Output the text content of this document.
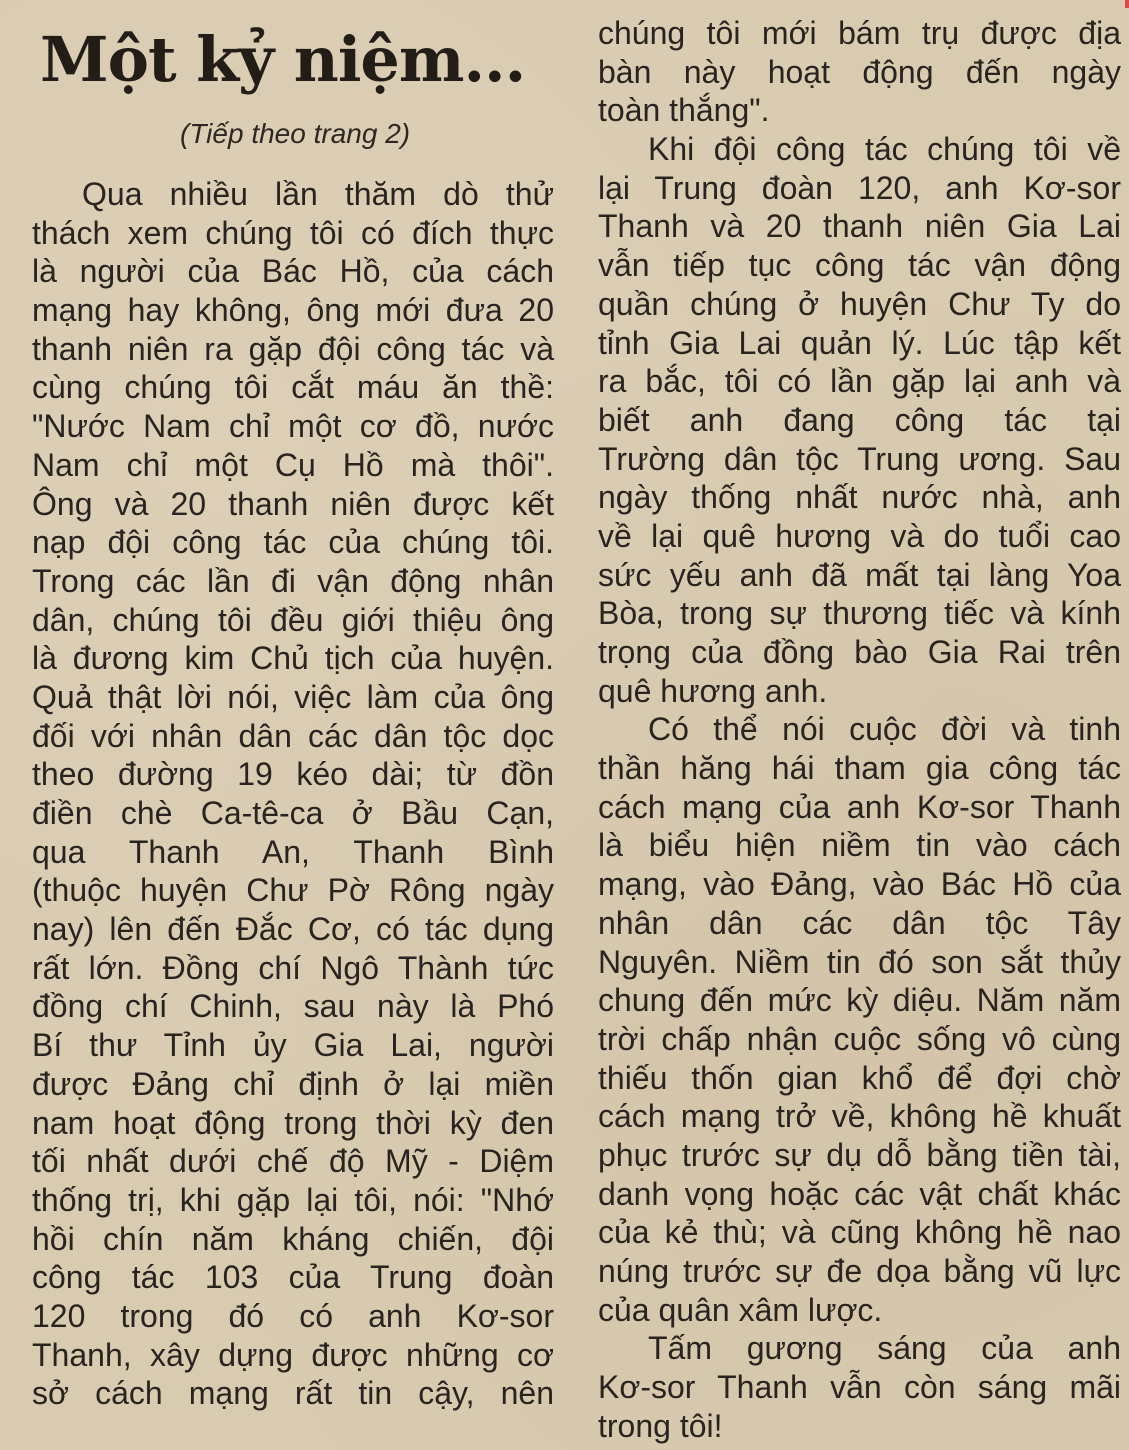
Một kỷ niệm...
(Tiếp theo trang 2)
Qua nhiều lần thăm dò thử
thách xem chúng tôi có đích thực
là người của Bác Hồ, của cách
mạng hay không, ông mới đưa 20
thanh niên ra gặp đội công tác và
cùng chúng tôi cắt máu ăn thề:
"Nước Nam chỉ một cơ đồ, nước
Nam chỉ một Cụ Hồ mà thôi".
Ông và 20 thanh niên được kết
nạp đội công tác của chúng tôi.
Trong các lần đi vận động nhân
dân, chúng tôi đều giới thiệu ông
là đương kim Chủ tịch của huyện.
Quả thật lời nói, việc làm của ông
đối với nhân dân các dân tộc dọc
theo đường 19 kéo dài; từ đồn
điền chè Ca-tê-ca ở Bầu Cạn,
qua Thanh An, Thanh Bình
(thuộc huyện Chư Pờ Rông ngày
nay) lên đến Đắc Cơ, có tác dụng
rất lớn. Đồng chí Ngô Thành tức
đồng chí Chinh, sau này là Phó
Bí thư Tỉnh ủy Gia Lai, người
được Đảng chỉ định ở lại miền
nam hoạt động trong thời kỳ đen
tối nhất dưới chế độ Mỹ - Diệm
thống trị, khi gặp lại tôi, nói: "Nhớ
hồi chín năm kháng chiến, đội
công tác 103 của Trung đoàn
120 trong đó có anh Kơ-sor
Thanh, xây dựng được những cơ
sở cách mạng rất tin cậy, nên
chúng tôi mới bám trụ được địa
bàn này hoạt động đến ngày
toàn thắng".
Khi đội công tác chúng tôi về
lại Trung đoàn 120, anh Kơ-sor
Thanh và 20 thanh niên Gia Lai
vẫn tiếp tục công tác vận động
quần chúng ở huyện Chư Ty do
tỉnh Gia Lai quản lý. Lúc tập kết
ra bắc, tôi có lần gặp lại anh và
biết anh đang công tác tại
Trường dân tộc Trung ương. Sau
ngày thống nhất nước nhà, anh
về lại quê hương và do tuổi cao
sức yếu anh đã mất tại làng Yoa
Bòa, trong sự thương tiếc và kính
trọng của đồng bào Gia Rai trên
quê hương anh.
Có thể nói cuộc đời và tinh
thần hăng hái tham gia công tác
cách mạng của anh Kơ-sor Thanh
là biểu hiện niềm tin vào cách
mạng, vào Đảng, vào Bác Hồ của
nhân dân các dân tộc Tây
Nguyên. Niềm tin đó son sắt thủy
chung đến mức kỳ diệu. Năm năm
trời chấp nhận cuộc sống vô cùng
thiếu thốn gian khổ để đợi chờ
cách mạng trở về, không hề khuất
phục trước sự dụ dỗ bằng tiền tài,
danh vọng hoặc các vật chất khác
của kẻ thù; và cũng không hề nao
núng trước sự đe dọa bằng vũ lực
của quân xâm lược.
Tấm gương sáng của anh
Kơ-sor Thanh vẫn còn sáng mãi
trong tôi!
